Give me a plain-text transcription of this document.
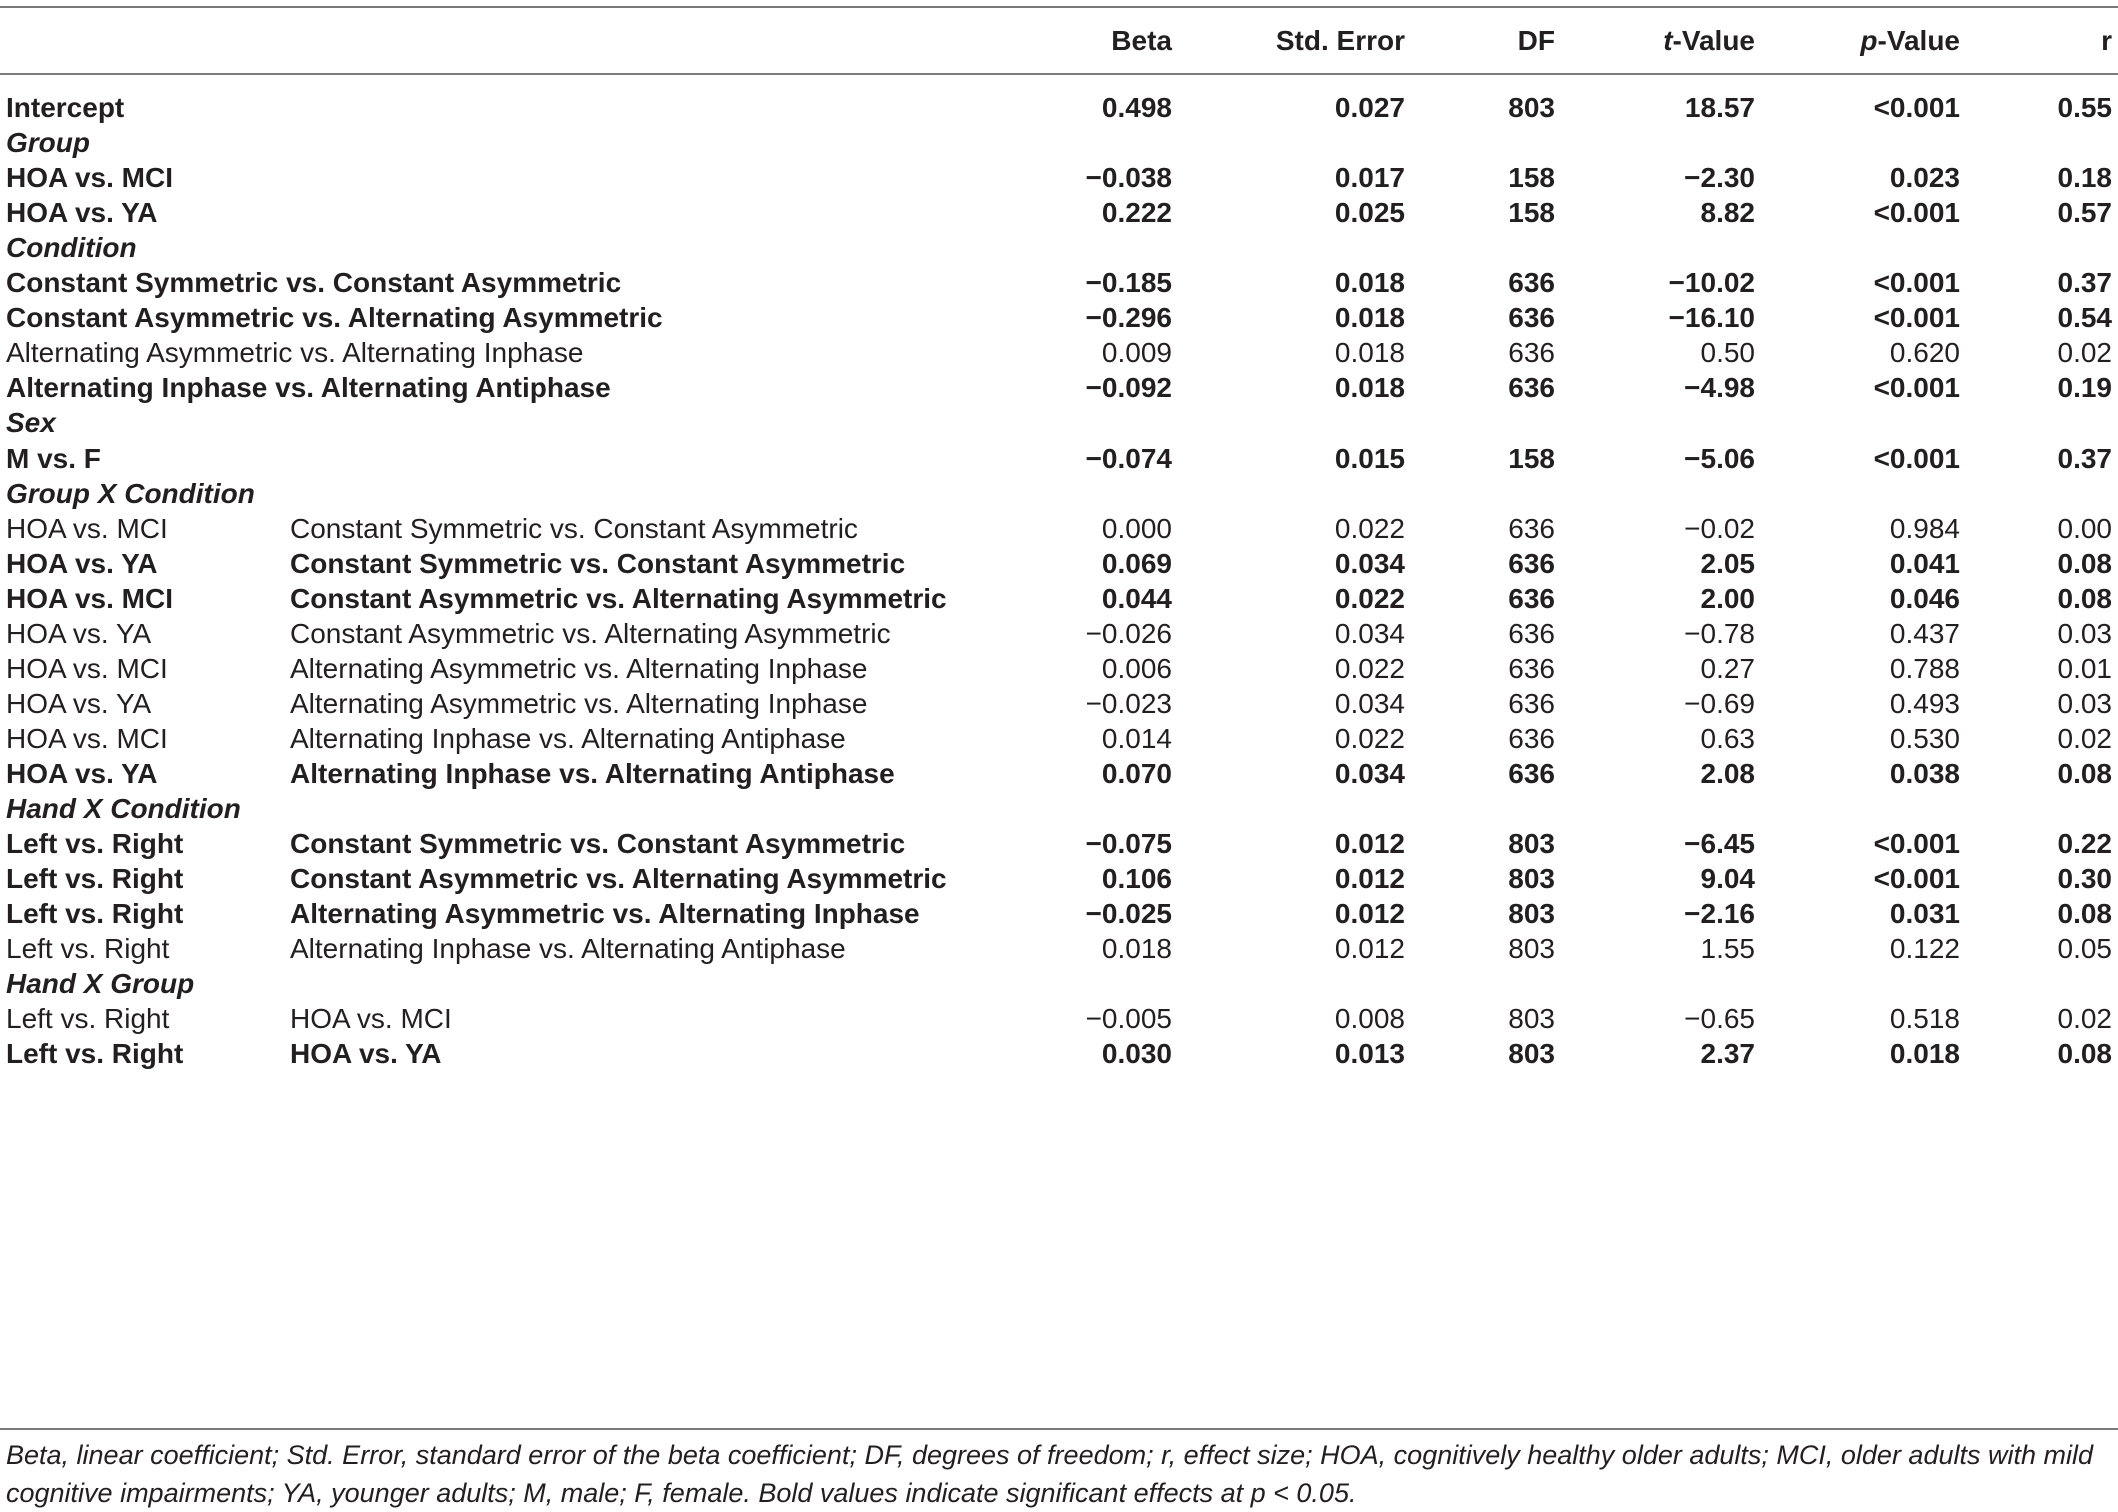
Beta	Std. Error	DF	t-Value	p-Value	r
Intercept	0.498	0.027	803	18.57	<0.001	0.55
Group
HOA vs. MCI	−0.038	0.017	158	−2.30	0.023	0.18
HOA vs. YA	0.222	0.025	158	8.82	<0.001	0.57
Condition
Constant Symmetric vs. Constant Asymmetric	−0.185	0.018	636	−10.02	<0.001	0.37
Constant Asymmetric vs. Alternating Asymmetric	−0.296	0.018	636	−16.10	<0.001	0.54
Alternating Asymmetric vs. Alternating Inphase	0.009	0.018	636	0.50	0.620	0.02
Alternating Inphase vs. Alternating Antiphase	−0.092	0.018	636	−4.98	<0.001	0.19
Sex
M vs. F	−0.074	0.015	158	−5.06	<0.001	0.37
Group X Condition
HOA vs. MCI	Constant Symmetric vs. Constant Asymmetric	0.000	0.022	636	−0.02	0.984	0.00
HOA vs. YA	Constant Symmetric vs. Constant Asymmetric	0.069	0.034	636	2.05	0.041	0.08
HOA vs. MCI	Constant Asymmetric vs. Alternating Asymmetric	0.044	0.022	636	2.00	0.046	0.08
HOA vs. YA	Constant Asymmetric vs. Alternating Asymmetric	−0.026	0.034	636	−0.78	0.437	0.03
HOA vs. MCI	Alternating Asymmetric vs. Alternating Inphase	0.006	0.022	636	0.27	0.788	0.01
HOA vs. YA	Alternating Asymmetric vs. Alternating Inphase	−0.023	0.034	636	−0.69	0.493	0.03
HOA vs. MCI	Alternating Inphase vs. Alternating Antiphase	0.014	0.022	636	0.63	0.530	0.02
HOA vs. YA	Alternating Inphase vs. Alternating Antiphase	0.070	0.034	636	2.08	0.038	0.08
Hand X Condition
Left vs. Right	Constant Symmetric vs. Constant Asymmetric	−0.075	0.012	803	−6.45	<0.001	0.22
Left vs. Right	Constant Asymmetric vs. Alternating Asymmetric	0.106	0.012	803	9.04	<0.001	0.30
Left vs. Right	Alternating Asymmetric vs. Alternating Inphase	−0.025	0.012	803	−2.16	0.031	0.08
Left vs. Right	Alternating Inphase vs. Alternating Antiphase	0.018	0.012	803	1.55	0.122	0.05
Hand X Group
Left vs. Right	HOA vs. MCI	−0.005	0.008	803	−0.65	0.518	0.02
Left vs. Right	HOA vs. YA	0.030	0.013	803	2.37	0.018	0.08
Beta, linear coefficient; Std. Error, standard error of the beta coefficient; DF, degrees of freedom; r, effect size; HOA, cognitively healthy older adults; MCI, older adults with mild cognitive impairments; YA, younger adults; M, male; F, female. Bold values indicate significant effects at p < 0.05.
